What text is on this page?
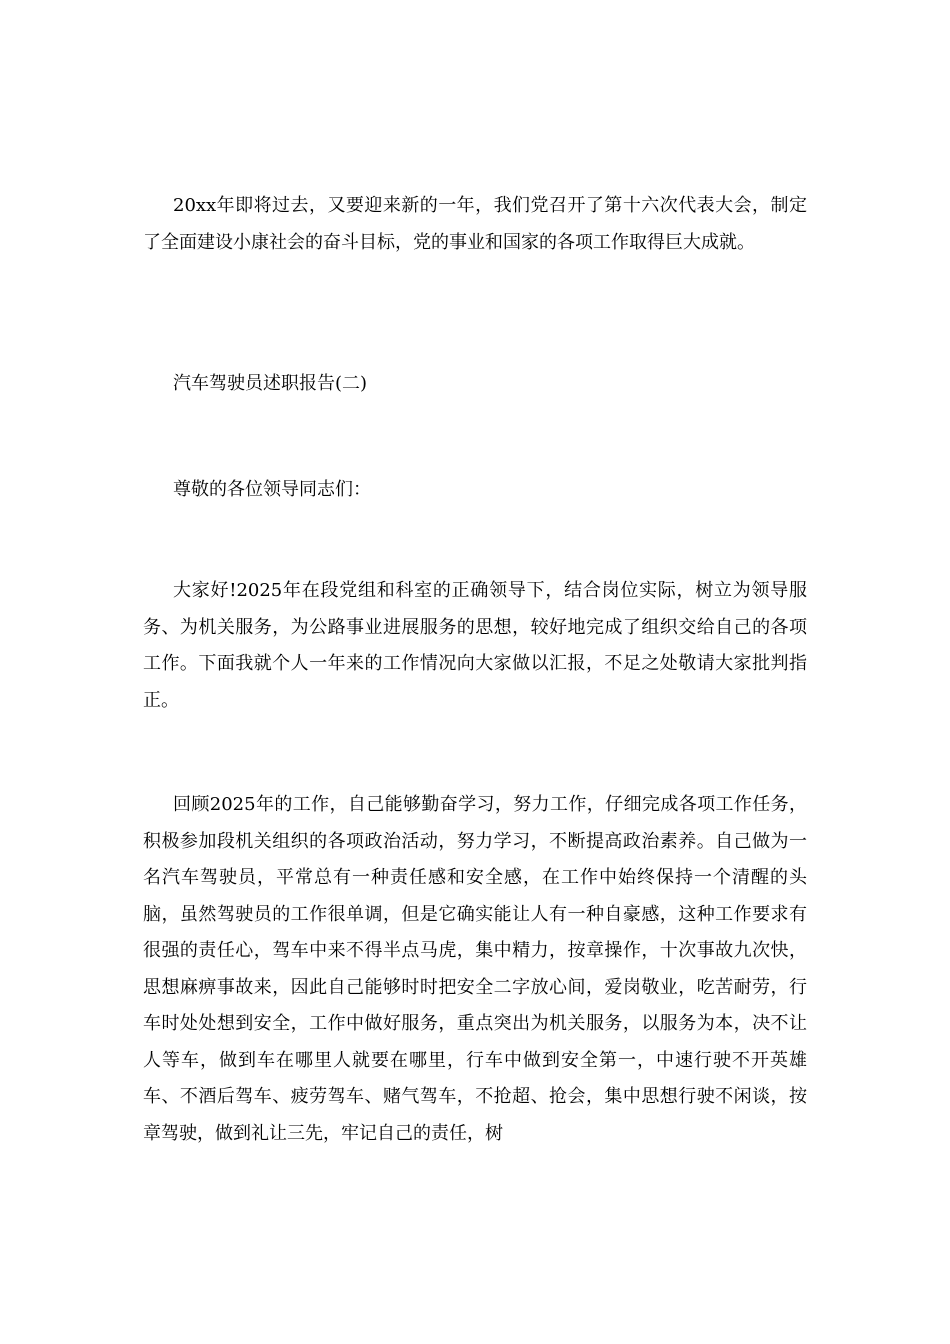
20xx年即将过去，又要迎来新的一年，我们党召开了第十六次代表大会，制定了全面建设小康社会的奋斗目标，党的事业和国家的各项工作取得巨大成就。

汽车驾驶员述职报告(二)

尊敬的各位领导同志们：

大家好!2025年在段党组和科室的正确领导下，结合岗位实际，树立为领导服务、为机关服务，为公路事业进展服务的思想，较好地完成了组织交给自己的各项工作。下面我就个人一年来的工作情况向大家做以汇报，不足之处敬请大家批判指正。

回顾2025年的工作，自己能够勤奋学习，努力工作，仔细完成各项工作任务，积极参加段机关组织的各项政治活动，努力学习，不断提高政治素养。自己做为一名汽车驾驶员，平常总有一种责任感和安全感，在工作中始终保持一个清醒的头脑，虽然驾驶员的工作很单调，但是它确实能让人有一种自豪感，这种工作要求有很强的责任心，驾车中来不得半点马虎，集中精力，按章操作，十次事故九次快，思想麻痹事故来，因此自己能够时时把安全二字放心间，爱岗敬业，吃苦耐劳，行车时处处想到安全，工作中做好服务，重点突出为机关服务，以服务为本，决不让人等车，做到车在哪里人就要在哪里，行车中做到安全第一，中速行驶不开英雄车、不酒后驾车、疲劳驾车、赌气驾车，不抢超、抢会，集中思想行驶不闲谈，按章驾驶，做到礼让三先，牢记自己的责任，树
